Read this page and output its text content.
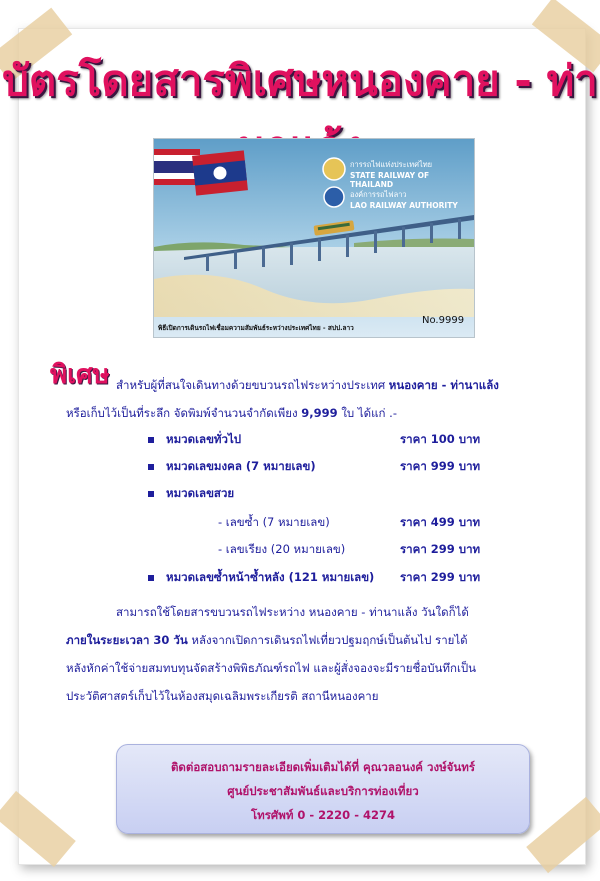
บัตรโดยสารพิเศษหนองคาย - ท่า
การรถไฟแห่งประเทศไทย
STATE RAILWAY OF THAILAND
องค์การรถไฟลาว
LAO RAILWAY AUTHORITY
พิธีเปิดการเดินรถไฟเชื่อมความสัมพันธ์ระหว่างประเทศไทย - สปป.ลาว
No.9999
พิเศษ สำหรับผู้ที่สนใจเดินทางด้วยขบวนรถไฟระหว่างประเทศ หนองคาย - ท่านาแล้ง
หรือเก็บไว้เป็นที่ระลึก จัดพิมพ์จำนวนจำกัดเพียง 9,999 ใบ ได้แก่ .-
หมวดเลขทั่วไป	ราคา 100 บาท
หมวดเลขมงคล (7 หมายเลข)	ราคา 999 บาท
หมวดเลขสวย
- เลขซ้ำ (7 หมายเลข)	ราคา 499 บาท
- เลขเรียง (20 หมายเลข)	ราคา 299 บาท
หมวดเลขซ้ำหน้าซ้ำหลัง (121 หมายเลข) ราคา 299 บาท
สามารถใช้โดยสารขบวนรถไฟระหว่าง หนองคาย - ท่านาแล้ง วันใดก็ได้
ภายในระยะเวลา 30 วัน หลังจากเปิดการเดินรถไฟเที่ยวปฐมฤกษ์เป็นต้นไป รายได้
หลังหักค่าใช้จ่ายสมทบทุนจัดสร้างพิพิธภัณฑ์รถไฟ และผู้สั่งจองจะมีรายชื่อบันทึกเป็น
ประวัติศาสตร์เก็บไว้ในห้องสมุดเฉลิมพระเกียรติ สถานีหนองคาย
ติดต่อสอบถามรายละเอียดเพิ่มเติมได้ที่ คุณวลอนงค์ วงษ์จันทร์
ศูนย์ประชาสัมพันธ์และบริการท่องเที่ยว
โทรศัพท์ 0 - 2220 - 4274
